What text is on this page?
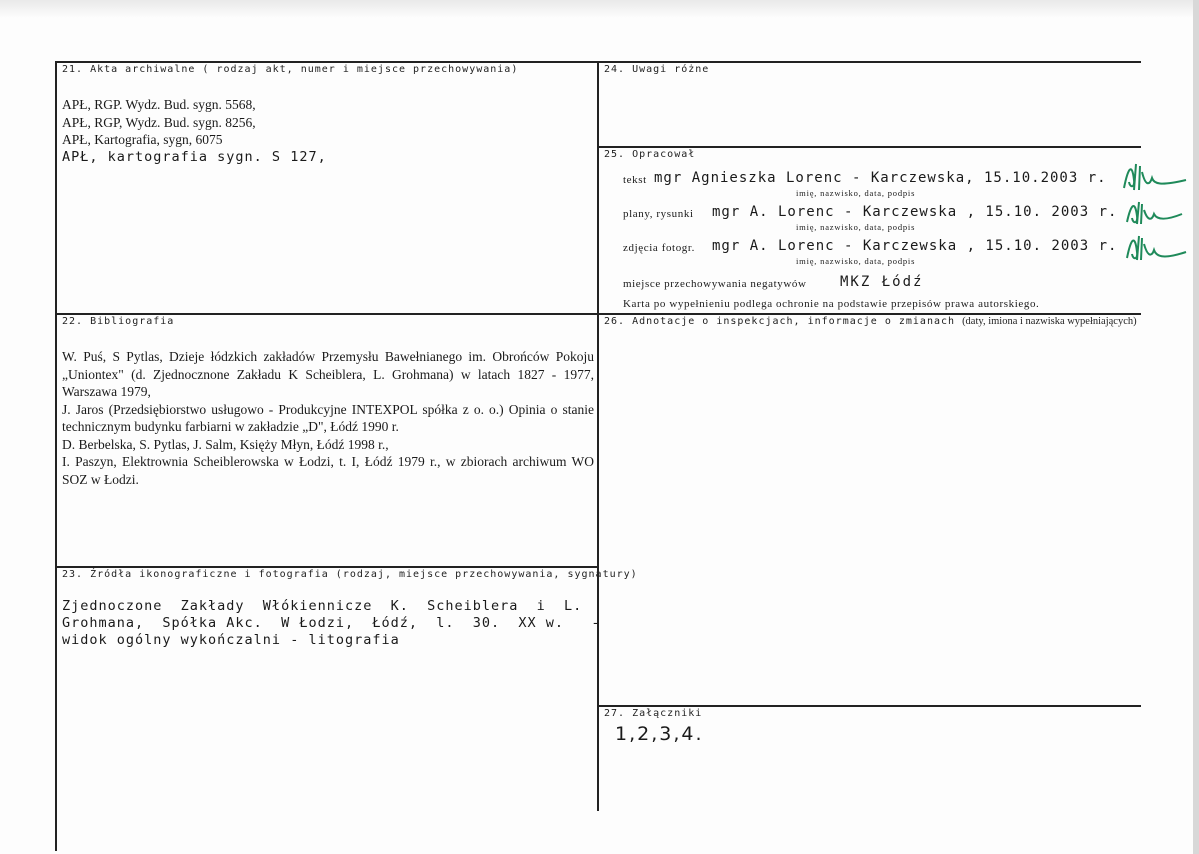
21. Akta archiwalne ( rodzaj akt, numer i miejsce przechowywania)
APŁ, RGP. Wydz. Bud. sygn. 5568,
APŁ, RGP, Wydz. Bud. sygn. 8256,
APŁ, Kartografia, sygn, 6075
APŁ, kartografia sygn. S 127,
22. Bibliografia
W. Puś, S Pytlas, Dzieje łódzkich zakładów Przemysłu Bawełnianego im. Obrońców Pokoju „Uniontex" (d. Zjednocznone Zakładu K Scheiblera, L. Grohmana) w latach 1827 - 1977, Warszawa 1979,
J. Jaros (Przedsiębiorstwo usługowo - Produkcyjne INTEXPOL spółka z o. o.) Opinia o stanie technicznym budynku farbiarni w zakładzie „D", Łódź 1990 r.
D. Berbelska, S. Pytlas, J. Salm, Księży Młyn, Łódź 1998 r.,
I. Paszyn, Elektrownia Scheiblerowska w Łodzi, t. I, Łódź 1979 r., w zbiorach archiwum WO SOZ w Łodzi.
23. Źródła ikonograficzne i fotografia (rodzaj, miejsce przechowywania, sygnatury)
Zjednoczone  Zakłady  Włókiennicze  K.  Scheiblera  i  L.
Grohmana,  Spółka Akc.  W Łodzi,  Łódź,  l.  30.  XX w.   -
widok ogólny wykończalni - litografia
24. Uwagi różne
25. Opracował
tekst mgr Agnieszka Lorenc - Karczewska, 15.10.2003 r.
imię, nazwisko, data, podpis
plany, rysunki mgr A. Lorenc - Karczewska , 15.10. 2003 r.
imię, nazwisko, data, podpis
zdjęcia fotogr. mgr A. Lorenc - Karczewska , 15.10. 2003 r.
imię, nazwisko, data, podpis
miejsce przechowywania negatywów MKZ Łódź
Karta po wypełnieniu podlega ochronie na podstawie przepisów prawa autorskiego.
26. Adnotacje o inspekcjach, informacje o zmianach (daty, imiona i nazwiska wypełniających)
27. Załączniki
1,2,3,4.
